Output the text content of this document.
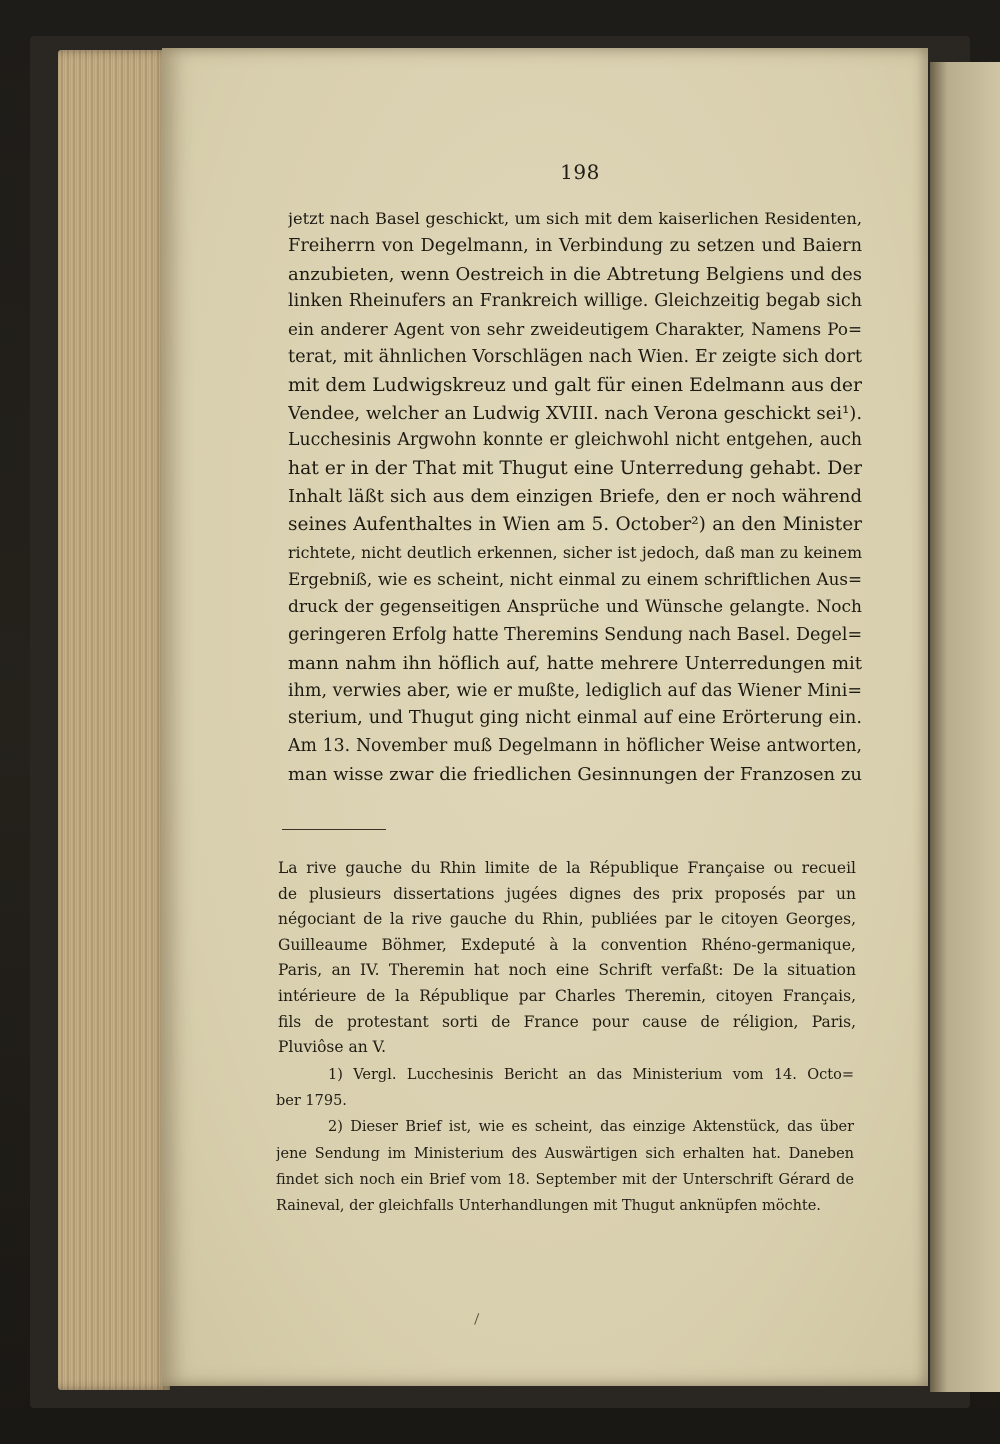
198
jetzt nach Basel geschickt, um sich mit dem kaiserlichen Residenten,
Freiherrn von Degelmann, in Verbindung zu setzen und Baiern
anzubieten, wenn Oestreich in die Abtretung Belgiens und des
linken Rheinufers an Frankreich willige. Gleichzeitig begab sich
ein anderer Agent von sehr zweideutigem Charakter, Namens Po=
terat, mit ähnlichen Vorschlägen nach Wien. Er zeigte sich dort
mit dem Ludwigskreuz und galt für einen Edelmann aus der
Vendee, welcher an Ludwig XVIII. nach Verona geschickt sei¹).
Lucchesinis Argwohn konnte er gleichwohl nicht entgehen, auch
hat er in der That mit Thugut eine Unterredung gehabt. Der
Inhalt läßt sich aus dem einzigen Briefe, den er noch während
seines Aufenthaltes in Wien am 5. October²) an den Minister
richtete, nicht deutlich erkennen, sicher ist jedoch, daß man zu keinem
Ergebniß, wie es scheint, nicht einmal zu einem schriftlichen Aus=
druck der gegenseitigen Ansprüche und Wünsche gelangte. Noch
geringeren Erfolg hatte Theremins Sendung nach Basel. Degel=
mann nahm ihn höflich auf, hatte mehrere Unterredungen mit
ihm, verwies aber, wie er mußte, lediglich auf das Wiener Mini=
sterium, und Thugut ging nicht einmal auf eine Erörterung ein.
Am 13. November muß Degelmann in höflicher Weise antworten,
man wisse zwar die friedlichen Gesinnungen der Franzosen zu
La rive gauche du Rhin limite de la République Française ou recueil
de plusieurs dissertations jugées dignes des prix proposés par un
négociant de la rive gauche du Rhin, publiées par le citoyen Georges,
Guilleaume Böhmer, Exdeputé à la convention Rhéno-germanique,
Paris, an IV. Theremin hat noch eine Schrift verfaßt: De la situation
intérieure de la République par Charles Theremin, citoyen Français,
fils de protestant sorti de France pour cause de réligion, Paris,
Pluviôse an V.
1) Vergl. Lucchesinis Bericht an das Ministerium vom 14. Octo=
ber 1795.
2) Dieser Brief ist, wie es scheint, das einzige Aktenstück, das über
jene Sendung im Ministerium des Auswärtigen sich erhalten hat. Daneben
findet sich noch ein Brief vom 18. September mit der Unterschrift Gérard de
Raineval, der gleichfalls Unterhandlungen mit Thugut anknüpfen möchte.
